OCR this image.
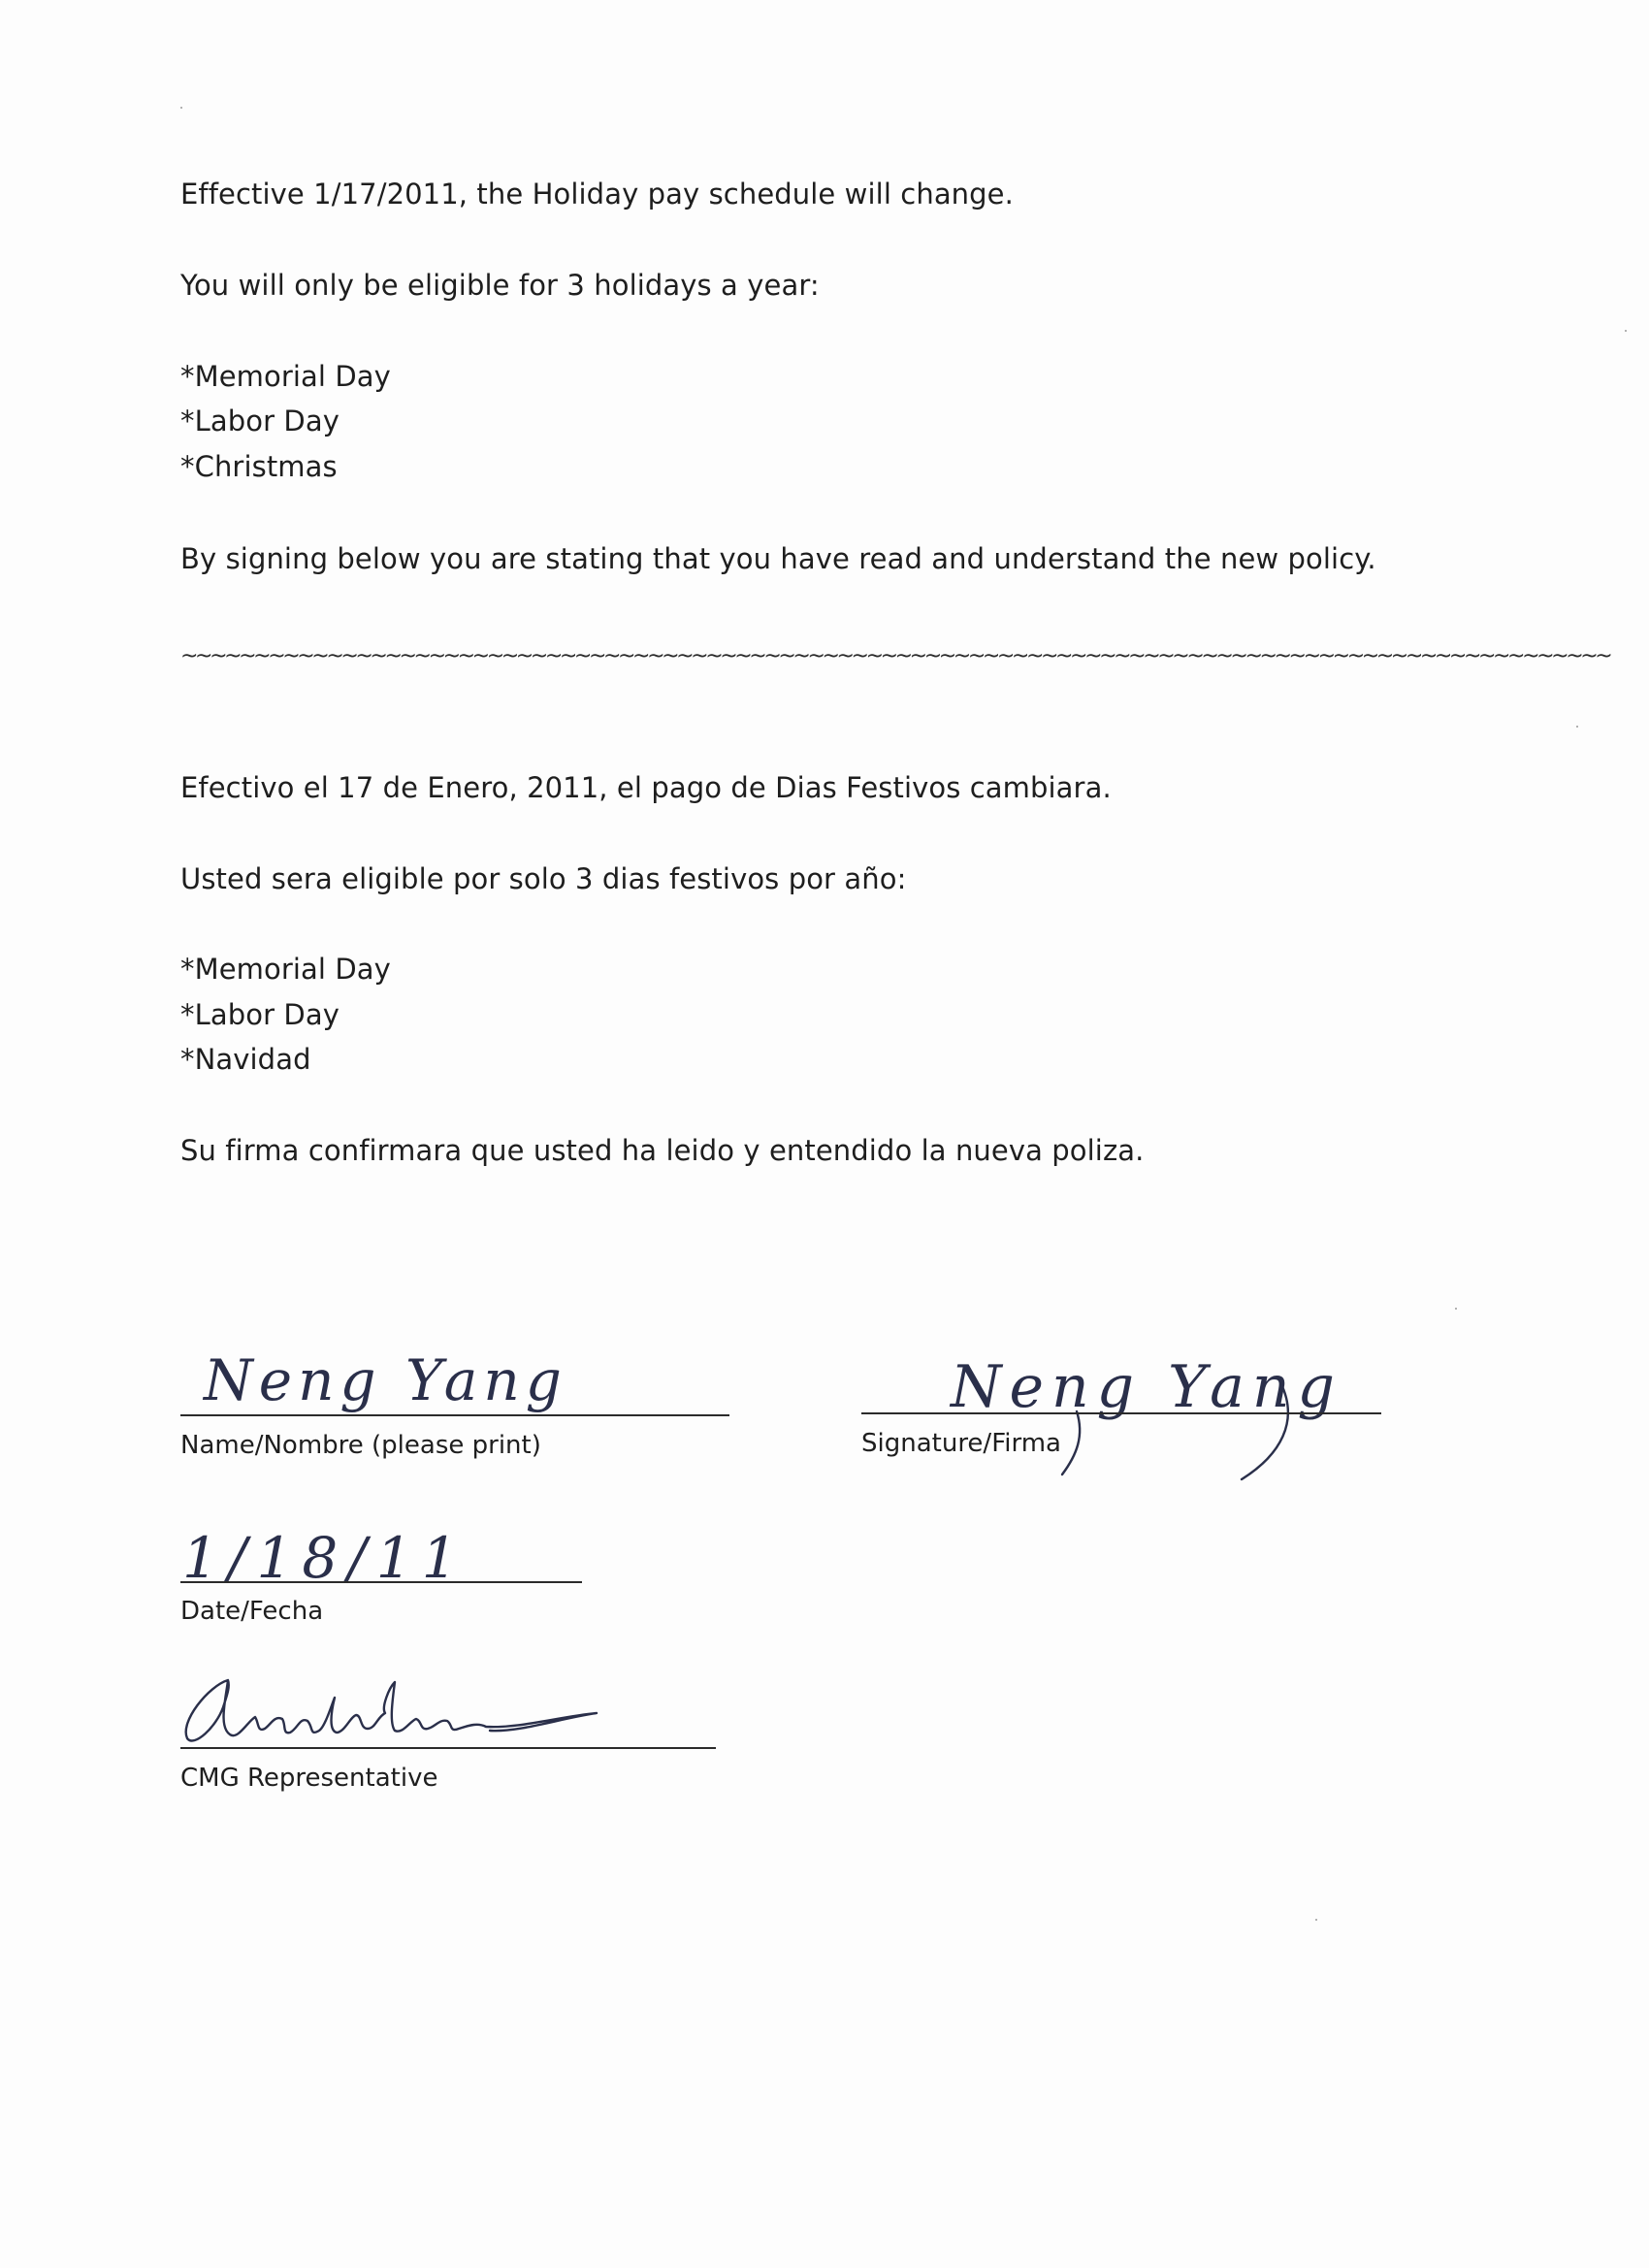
Effective 1/17/2011, the Holiday pay schedule will change.
You will only be eligible for 3 holidays a year:
*Memorial Day
*Labor Day
*Christmas
By signing below you are stating that you have read and understand the new policy.
~~~~~~~~~~~~~~~~~~~~~~~~~~~~~~~~~~~~~~~~~~~~~~~~~~~~~~~~~~~~~~~~~~~~~~~~~~~~~~~~~~~~~~~~~~~~~~~~~~
Efectivo el 17 de Enero, 2011, el pago de Dias Festivos cambiara.
Usted sera eligible por solo 3 dias festivos por año:
*Memorial Day
*Labor Day
*Navidad
Su firma confirmara que usted ha leido y entendido la nueva poliza.
Neng Yang
Name/Nombre (please print)
Neng Yang
Signature/Firma
1/18/11
Date/Fecha
CMG Representative
